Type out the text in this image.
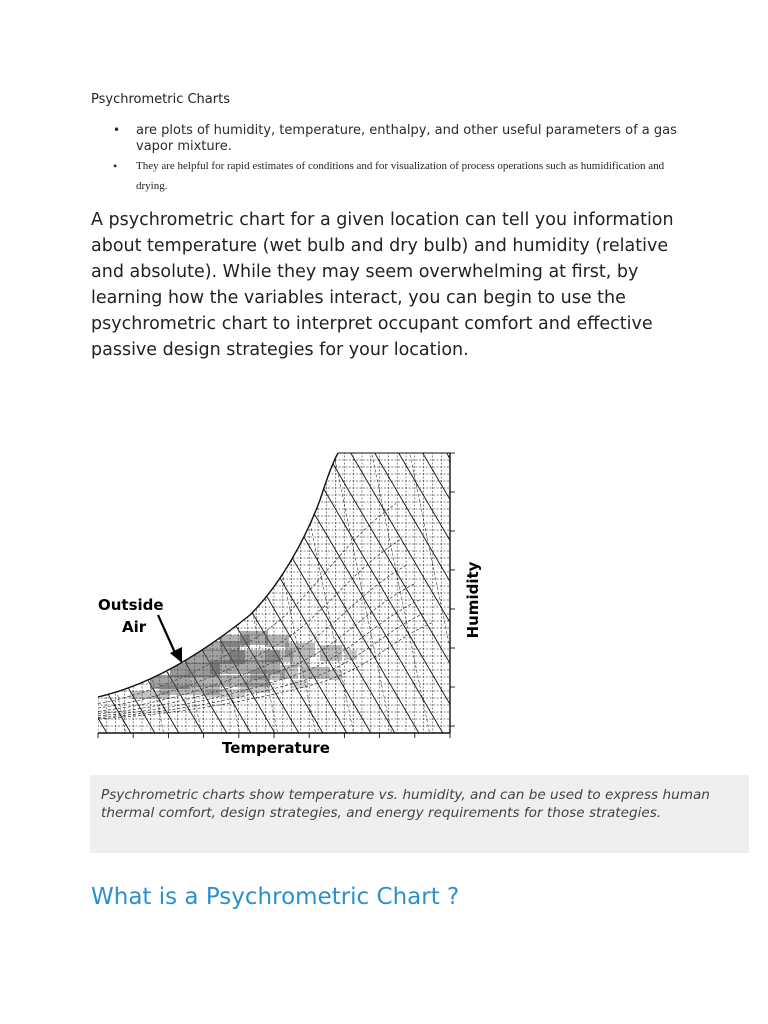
Psychrometric Charts
• are plots of humidity, temperature, enthalpy, and other useful parameters of a gas vapor mixture.
• They are helpful for rapid estimates of conditions and for visualization of process operations such as humidification and drying.

A psychrometric chart for a given location can tell you information about temperature (wet bulb and dry bulb) and humidity (relative and absolute). While they may seem overwhelming at first, by learning how the variables interact, you can begin to use the psychrometric chart to interpret occupant comfort and effective passive design strategies for your location.

Outside
Air
Temperature
Humidity

Psychrometric charts show temperature vs. humidity, and can be used to express human thermal comfort, design strategies, and energy requirements for those strategies.

What is a Psychrometric Chart ?
